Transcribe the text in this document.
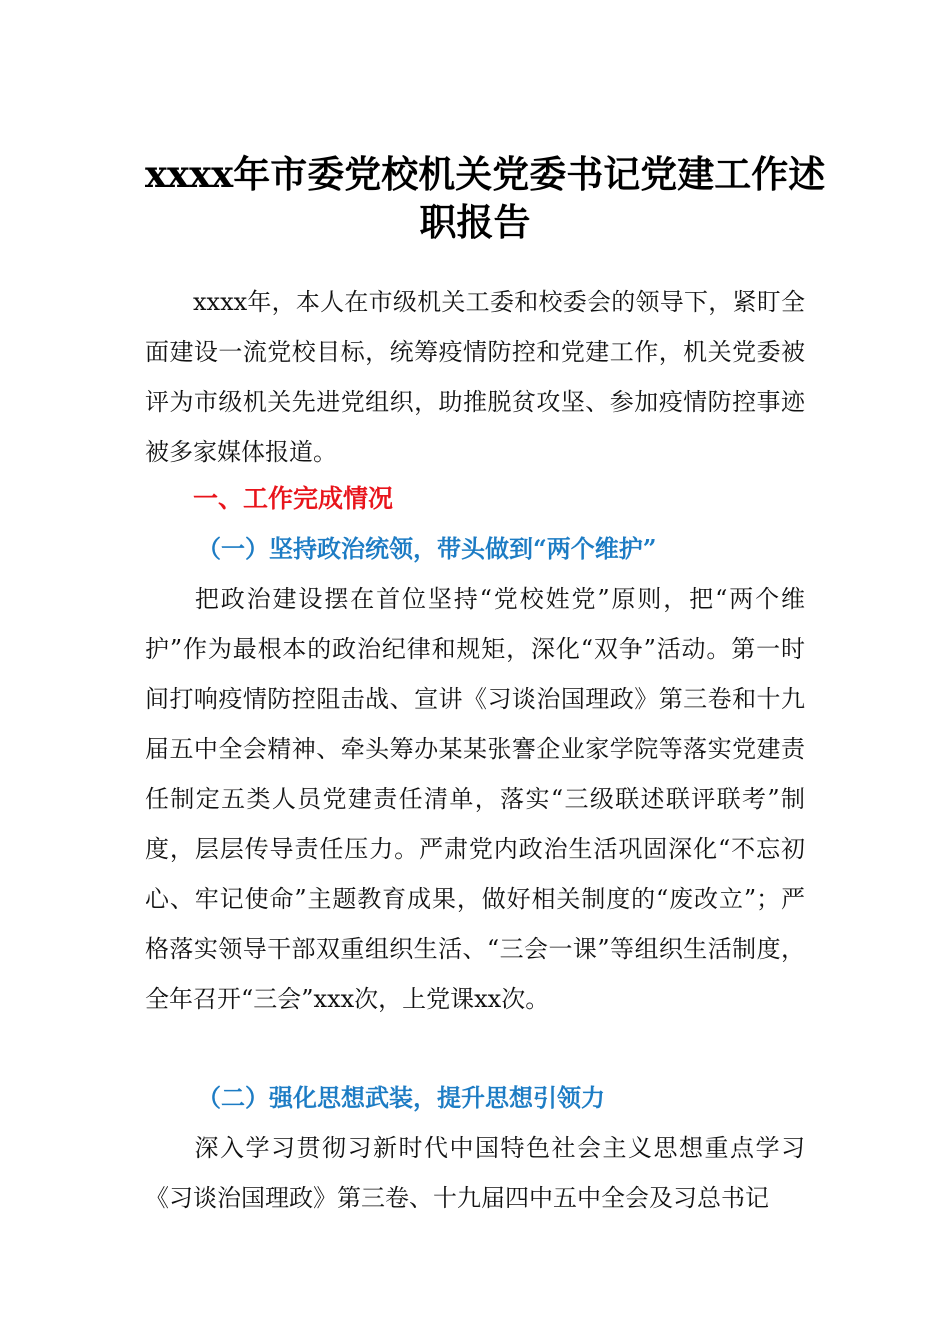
xxxx年市委党校机关党委书记党建工作述
职报告

xxxx年，本人在市级机关工委和校委会的领导下，紧盯全面建设一流党校目标，统筹疫情防控和党建工作，机关党委被评为市级机关先进党组织，助推脱贫攻坚、参加疫情防控事迹被多家媒体报道。

一、工作完成情况
（一）坚持政治统领，带头做到“两个维护”

把政治建设摆在首位坚持“党校姓党”原则，把“两个维护”作为最根本的政治纪律和规矩，深化“双争”活动。第一时间打响疫情防控阻击战、宣讲《习谈治国理政》第三卷和十九届五中全会精神、牵头筹办某某张謇企业家学院等落实党建责任制定五类人员党建责任清单，落实“三级联述联评联考”制度，层层传导责任压力。严肃党内政治生活巩固深化“不忘初心、牢记使命”主题教育成果，做好相关制度的“废改立”；严格落实领导干部双重组织生活、“三会一课”等组织生活制度，全年召开“三会”xxx次，上党课xx次。

（二）强化思想武装，提升思想引领力

深入学习贯彻习新时代中国特色社会主义思想重点学习《习谈治国理政》第三卷、十九届四中五中全会及习总书记
